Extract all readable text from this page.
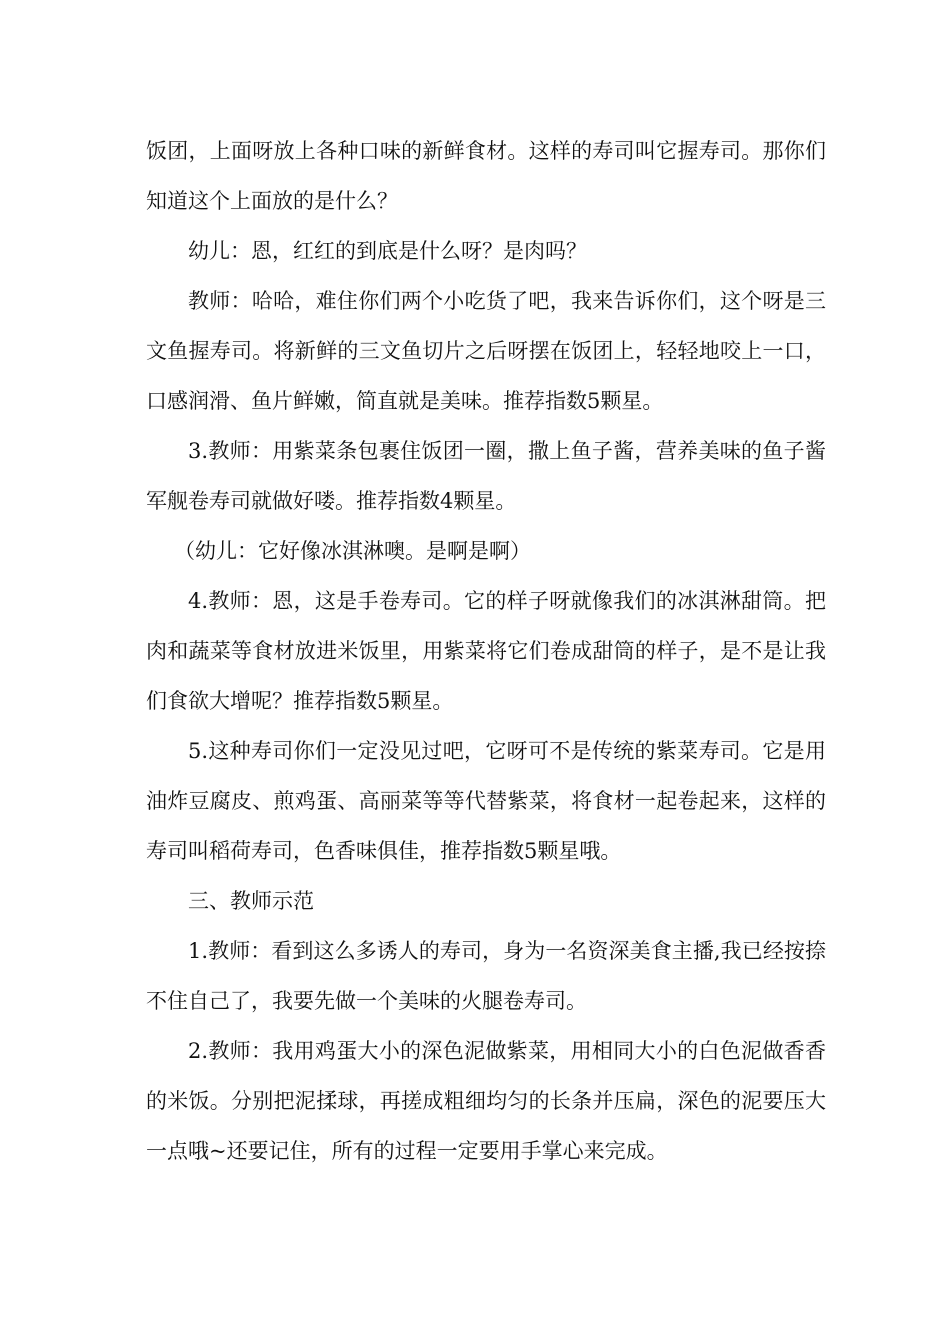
饭团，上面呀放上各种口味的新鲜食材。这样的寿司叫它握寿司。那你们知道这个上面放的是什么？

幼儿：恩，红红的到底是什么呀？是肉吗？

教师：哈哈，难住你们两个小吃货了吧，我来告诉你们，这个呀是三文鱼握寿司。将新鲜的三文鱼切片之后呀摆在饭团上，轻轻地咬上一口，口感润滑、鱼片鲜嫩，简直就是美味。推荐指数5颗星。

3.教师：用紫菜条包裹住饭团一圈，撒上鱼子酱，营养美味的鱼子酱军舰卷寿司就做好喽。推荐指数4颗星。

（幼儿：它好像冰淇淋噢。是啊是啊）

4.教师：恩，这是手卷寿司。它的样子呀就像我们的冰淇淋甜筒。把肉和蔬菜等食材放进米饭里，用紫菜将它们卷成甜筒的样子，是不是让我们食欲大增呢？推荐指数5颗星。

5.这种寿司你们一定没见过吧，它呀可不是传统的紫菜寿司。它是用油炸豆腐皮、煎鸡蛋、高丽菜等等代替紫菜，将食材一起卷起来，这样的寿司叫稻荷寿司，色香味俱佳，推荐指数5颗星哦。

三、教师示范

1.教师：看到这么多诱人的寿司，身为一名资深美食主播,我已经按捺不住自己了，我要先做一个美味的火腿卷寿司。

2.教师：我用鸡蛋大小的深色泥做紫菜，用相同大小的白色泥做香香的米饭。分别把泥揉球，再搓成粗细均匀的长条并压扁，深色的泥要压大一点哦~还要记住，所有的过程一定要用手掌心来完成。
